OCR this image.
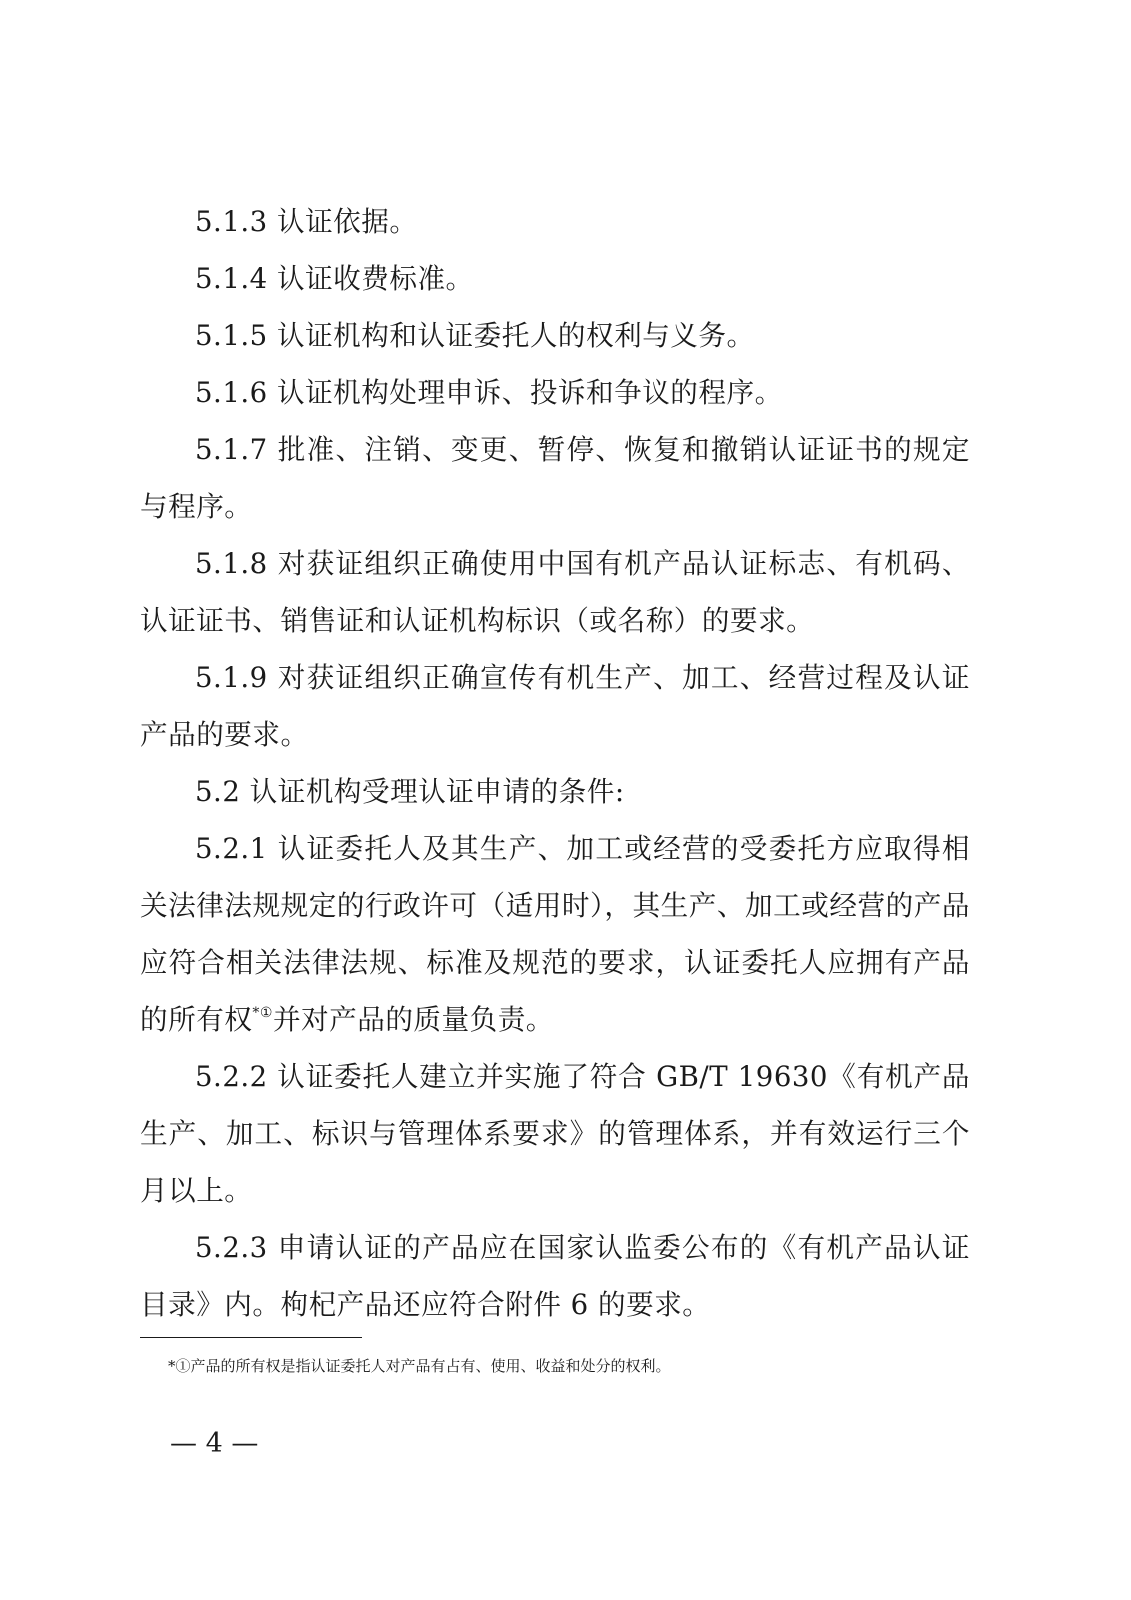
5.1.3 认证依据。

5.1.4 认证收费标准。

5.1.5 认证机构和认证委托人的权利与义务。

5.1.6 认证机构处理申诉、投诉和争议的程序。

5.1.7 批准、注销、变更、暂停、恢复和撤销认证证书的规定与程序。

5.1.8 对获证组织正确使用中国有机产品认证标志、有机码、认证证书、销售证和认证机构标识（或名称）的要求。

5.1.9 对获证组织正确宣传有机生产、加工、经营过程及认证产品的要求。

5.2 认证机构受理认证申请的条件:

5.2.1 认证委托人及其生产、加工或经营的受委托方应取得相关法律法规规定的行政许可（适用时），其生产、加工或经营的产品应符合相关法律法规、标准及规范的要求，认证委托人应拥有产品的所有权*①并对产品的质量负责。

5.2.2 认证委托人建立并实施了符合 GB/T 19630《有机产品 生产、加工、标识与管理体系要求》的管理体系，并有效运行三个月以上。

5.2.3 申请认证的产品应在国家认监委公布的《有机产品认证目录》内。枸杞产品还应符合附件 6 的要求。

*①产品的所有权是指认证委托人对产品有占有、使用、收益和处分的权利。
— 4 —
